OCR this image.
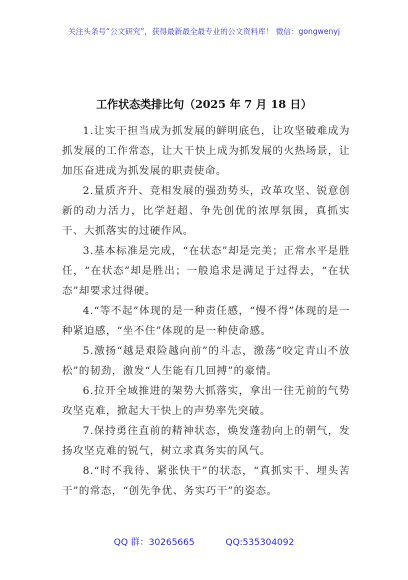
关注头条号“公文研究”，获得最新最全最专业的公文资料库！ 微信：gongwenyj
工作状态类排比句（2025 年 7 月 18 日）

1.让实干担当成为抓发展的鲜明底色，让攻坚破难成为抓发展的工作常态，让大干快上成为抓发展的火热场景，让加压奋进成为抓发展的职责使命。

2.量质齐升、竞相发展的强劲势头，改革攻坚、锐意创新的动力活力，比学赶超、争先创优的浓厚氛围，真抓实干、大抓落实的过硬作风。

3.基本标准是完成，“在状态”却是完美；正常水平是胜任，“在状态”却是胜出；一般追求是满足于过得去，“在状态”却要求过得硬。

4.“等不起”体现的是一种责任感，“慢不得”体现的是一种紧迫感，“坐不住”体现的是一种使命感。

5.激扬“越是艰险越向前”的斗志，激荡“咬定青山不放松”的韧劲，激发“人生能有几回搏”的豪情。

6.拉开全域推进的架势大抓落实，拿出一往无前的气势攻坚克难，掀起大干快上的声势率先突破。

7.保持勇往直前的精神状态，焕发蓬勃向上的朝气，发扬攻坚克难的锐气，树立求真务实的风气。

8.“时不我待、紧张快干”的状态，“真抓实干、埋头苦干”的常态，“创先争优、务实巧干”的姿态。

QQ 群：30265665	QQ:535304092
